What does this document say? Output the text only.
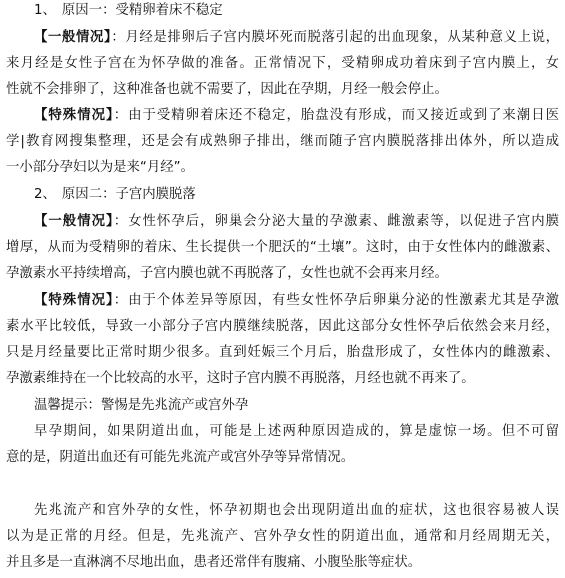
1、 原因一：受精卵着床不稳定
【一般情况】：月经是排卵后子宫内膜坏死而脱落引起的出血现象，从某种意义上说，
来月经是女性子宫在为怀孕做的准备。正常情况下，受精卵成功着床到子宫内膜上，女
性就不会排卵了，这种准备也就不需要了，因此在孕期，月经一般会停止。
【特殊情况】：由于受精卵着床还不稳定，胎盘没有形成，而又接近或到了来潮日医
学|教育网搜集整理，还是会有成熟卵子排出，继而随子宫内膜脱落排出体外，所以造成
一小部分孕妇以为是来“月经”。
2、 原因二：子宫内膜脱落
【一般情况】：女性怀孕后，卵巢会分泌大量的孕激素、雌激素等，以促进子宫内膜
增厚，从而为受精卵的着床、生长提供一个肥沃的“土壤”。这时，由于女性体内的雌激素、
孕激素水平持续增高，子宫内膜也就不再脱落了，女性也就不会再来月经。
【特殊情况】：由于个体差异等原因，有些女性怀孕后卵巢分泌的性激素尤其是孕激
素水平比较低，导致一小部分子宫内膜继续脱落，因此这部分女性怀孕后依然会来月经，
只是月经量要比正常时期少很多。直到妊娠三个月后，胎盘形成了，女性体内的雌激素、
孕激素维持在一个比较高的水平，这时子宫内膜不再脱落，月经也就不再来了。
温馨提示：警惕是先兆流产或宫外孕
早孕期间，如果阴道出血，可能是上述两种原因造成的，算是虚惊一场。但不可留
意的是，阴道出血还有可能先兆流产或宫外孕等异常情况。
先兆流产和宫外孕的女性，怀孕初期也会出现阴道出血的症状，这也很容易被人误
以为是正常的月经。但是，先兆流产、宫外孕女性的阴道出血，通常和月经周期无关，
并且多是一直淋漓不尽地出血，患者还常伴有腹痛、小腹坠胀等症状。
